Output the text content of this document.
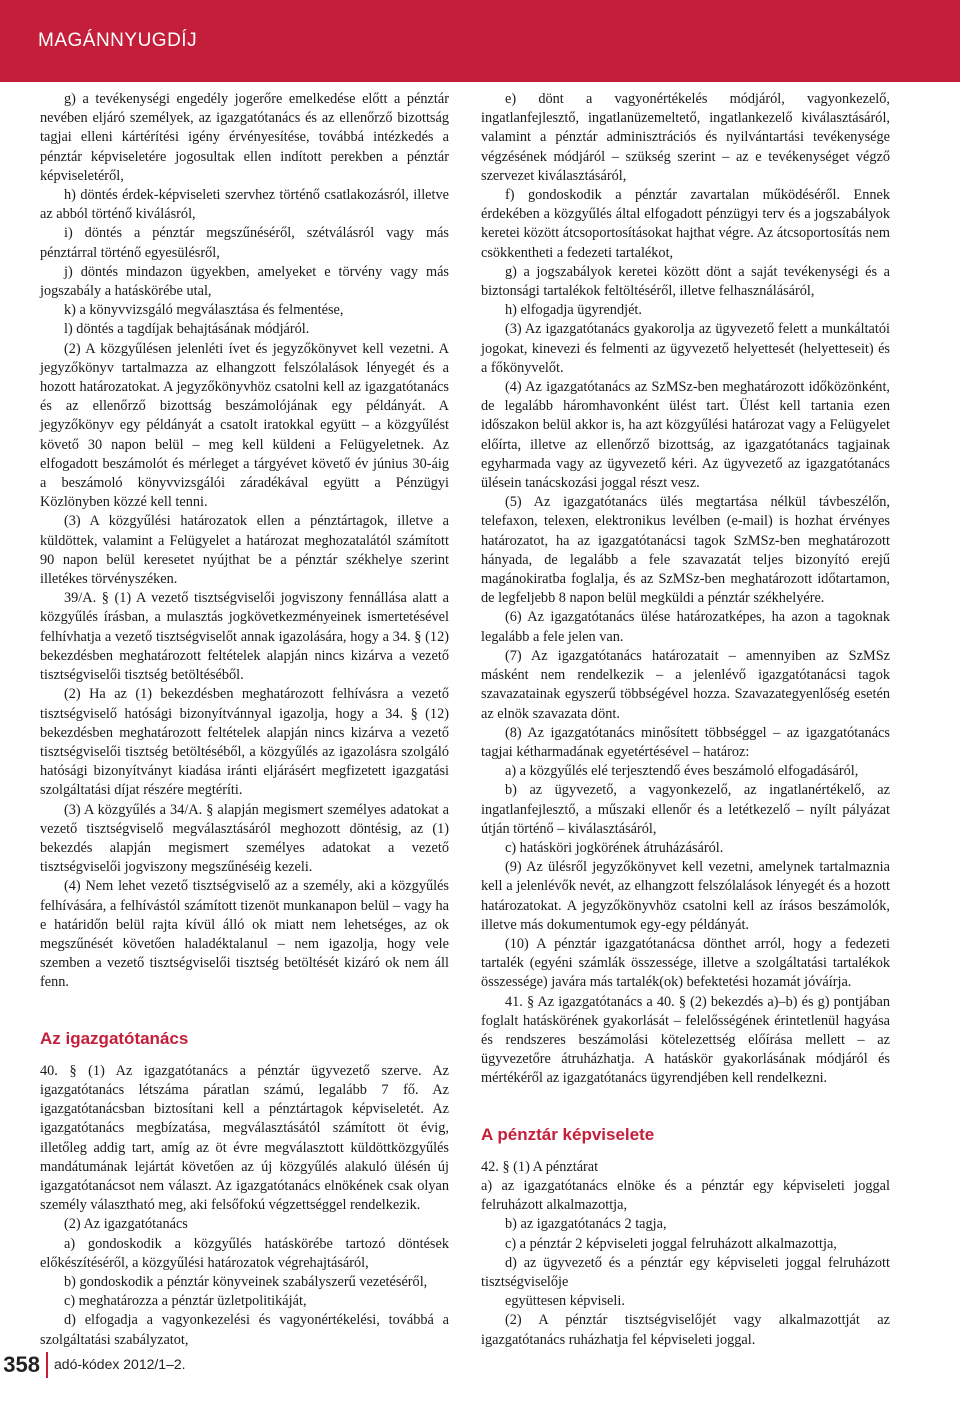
MAGÁNNYUGDÍJ

g) a tevékenységi engedély jogerőre emelkedése előtt a pénztár nevében eljáró személyek, az igazgatótanács és az ellenőrző bizottság tagjai elleni kártérítési igény érvényesítése, továbbá intézkedés a pénztár képviseletére jogosultak ellen indított perekben a pénztár képviseletéről,

h) döntés érdek-képviseleti szervhez történő csatlakozásról, illetve az abból történő kiválásról,

i) döntés a pénztár megszűnéséről, szétválásról vagy más pénztárral történő egyesülésről,

j) döntés mindazon ügyekben, amelyeket e törvény vagy más jogszabály a hatáskörébe utal,

k) a könyvvizsgáló megválasztása és felmentése,

l) döntés a tagdíjak behajtásának módjáról.

(2) A közgyűlésen jelenléti ívet és jegyzőkönyvet kell vezetni. A jegyzőkönyv tartalmazza az elhangzott felszólalások lényegét és a hozott határozatokat. A jegyzőkönyvhöz csatolni kell az igazgatótanács és az ellenőrző bizottság beszámolójának egy példányát. A jegyzőkönyv egy példányát a csatolt iratokkal együtt – a közgyűlést követő 30 napon belül – meg kell küldeni a Felügyeletnek. Az elfogadott beszámolót és mérleget a tárgyévet követő év június 30-áig a beszámoló könyvvizsgálói záradékával együtt a Pénzügyi Közlönyben közzé kell tenni.

(3) A közgyűlési határozatok ellen a pénztártagok, illetve a küldöttek, valamint a Felügyelet a határozat meghozatalától számított 90 napon belül keresetet nyújthat be a pénztár székhelye szerint illetékes törvényszéken.

39/A. § (1) A vezető tisztségviselői jogviszony fennállása alatt a közgyűlés írásban, a mulasztás jogkövetkezményeinek ismertetésével felhívhatja a vezető tisztségviselőt annak igazolására, hogy a 34. § (12) bekezdésben meghatározott feltételek alapján nincs kizárva a vezető tisztségviselői tisztség betöltéséből.

(2) Ha az (1) bekezdésben meghatározott felhívásra a vezető tisztségviselő hatósági bizonyítvánnyal igazolja, hogy a 34. § (12) bekezdésben meghatározott feltételek alapján nincs kizárva a vezető tisztségviselői tisztség betöltéséből, a közgyűlés az igazolásra szolgáló hatósági bizonyítványt kiadása iránti eljárásért megfizetett igazgatási szolgáltatási díjat részére megtéríti.

(3) A közgyűlés a 34/A. § alapján megismert személyes adatokat a vezető tisztségviselő megválasztásáról meghozott döntésig, az (1) bekezdés alapján megismert személyes adatokat a vezető tisztségviselői jogviszony megszűnéséig kezeli.

(4) Nem lehet vezető tisztségviselő az a személy, aki a közgyűlés felhívására, a felhívástól számított tizenöt munkanapon belül – vagy ha e határidőn belül rajta kívül álló ok miatt nem lehetséges, az ok megszűnését követően haladéktalanul – nem igazolja, hogy vele szemben a vezető tisztségviselői tisztség betöltését kizáró ok nem áll fenn.

Az igazgatótanács

40. § (1) Az igazgatótanács a pénztár ügyvezető szerve. Az igazgatótanács létszáma páratlan számú, legalább 7 fő. Az igazgatótanácsban biztosítani kell a pénztártagok képviseletét. Az igazgatótanács megbízatása, megválasztásától számított öt évig, illetőleg addig tart, amíg az öt évre megválasztott küldöttközgyűlés mandátumának lejártát követően az új közgyűlés alakuló ülésén új igazgatótanácsot nem választ. Az igazgatótanács elnökének csak olyan személy választható meg, aki felsőfokú végzettséggel rendelkezik.

(2) Az igazgatótanács

a) gondoskodik a közgyűlés hatáskörébe tartozó döntések előkészítéséről, a közgyűlési határozatok végrehajtásáról,

b) gondoskodik a pénztár könyveinek szabályszerű vezetéséről,

c) meghatározza a pénztár üzletpolitikáját,

d) elfogadja a vagyonkezelési és vagyonértékelési, továbbá a szolgáltatási szabályzatot,

e) dönt a vagyonértékelés módjáról, vagyonkezelő, ingatlanfejlesztő, ingatlanüzemeltető, ingatlankezelő kiválasztásáról, valamint a pénztár adminisztrációs és nyilvántartási tevékenysége végzésének módjáról – szükség szerint – az e tevékenységet végző szervezet kiválasztásáról,

f) gondoskodik a pénztár zavartalan működéséről. Ennek érdekében a közgyűlés által elfogadott pénzügyi terv és a jogszabályok keretei között átcsoportosításokat hajthat végre. Az átcsoportosítás nem csökkentheti a fedezeti tartalékot,

g) a jogszabályok keretei között dönt a saját tevékenységi és a biztonsági tartalékok feltöltéséről, illetve felhasználásáról,

h) elfogadja ügyrendjét.

(3) Az igazgatótanács gyakorolja az ügyvezető felett a munkáltatói jogokat, kinevezi és felmenti az ügyvezető helyettesét (helyetteseit) és a főkönyvelőt.

(4) Az igazgatótanács az SzMSz-ben meghatározott időközönként, de legalább háromhavonként ülést tart. Ülést kell tartania ezen időszakon belül akkor is, ha azt közgyűlési határozat vagy a Felügyelet előírta, illetve az ellenőrző bizottság, az igazgatótanács tagjainak egyharmada vagy az ügyvezető kéri. Az ügyvezető az igazgatótanács ülésein tanácskozási joggal részt vesz.

(5) Az igazgatótanács ülés megtartása nélkül távbeszélőn, telefaxon, telexen, elektronikus levélben (e-mail) is hozhat érvényes határozatot, ha az igazgatótanácsi tagok SzMSz-ben meghatározott hányada, de legalább a fele szavazatát teljes bizonyító erejű magánokiratba foglalja, és az SzMSz-ben meghatározott időtartamon, de legfeljebb 8 napon belül megküldi a pénztár székhelyére.

(6) Az igazgatótanács ülése határozatképes, ha azon a tagoknak legalább a fele jelen van.

(7) Az igazgatótanács határozatait – amennyiben az SzMSz másként nem rendelkezik – a jelenlévő igazgatótanácsi tagok szavazatainak egyszerű többségével hozza. Szavazategyenlőség esetén az elnök szavazata dönt.

(8) Az igazgatótanács minősített többséggel – az igazgatótanács tagjai kétharmadának egyetértésével – határoz:

a) a közgyűlés elé terjesztendő éves beszámoló elfogadásáról,

b) az ügyvezető, a vagyonkezelő, az ingatlanértékelő, az ingatlanfejlesztő, a műszaki ellenőr és a letétkezelő – nyílt pályázat útján történő – kiválasztásáról,

c) hatásköri jogkörének átruházásáról.

(9) Az ülésről jegyzőkönyvet kell vezetni, amelynek tartalmaznia kell a jelenlévők nevét, az elhangzott felszólalások lényegét és a hozott határozatokat. A jegyzőkönyvhöz csatolni kell az írásos beszámolók, illetve más dokumentumok egy-egy példányát.

(10) A pénztár igazgatótanácsa dönthet arról, hogy a fedezeti tartalék (egyéni számlák összessége, illetve a szolgáltatási tartalékok összessége) javára más tartalék(ok) befektetési hozamát jóváírja.

41. § Az igazgatótanács a 40. § (2) bekezdés a)–b) és g) pontjában foglalt hatáskörének gyakorlását – felelősségének érintetlenül hagyása és rendszeres beszámolási kötelezettség előírása mellett – az ügyvezetőre átruházhatja. A hatáskör gyakorlásának módjáról és mértékéről az igazgatótanács ügyrendjében kell rendelkezni.

A pénztár képviselete

42. § (1) A pénztárat

a) az igazgatótanács elnöke és a pénztár egy képviseleti joggal felruházott alkalmazottja,

b) az igazgatótanács 2 tagja,

c) a pénztár 2 képviseleti joggal felruházott alkalmazottja,

d) az ügyvezető és a pénztár egy képviseleti joggal felruházott tisztségviselője

együttesen képviseli.

(2) A pénztár tisztségviselőjét vagy alkalmazottját az igazgatótanács ruházhatja fel képviseleti joggal.

358	adó-kódex 2012/1–2.
